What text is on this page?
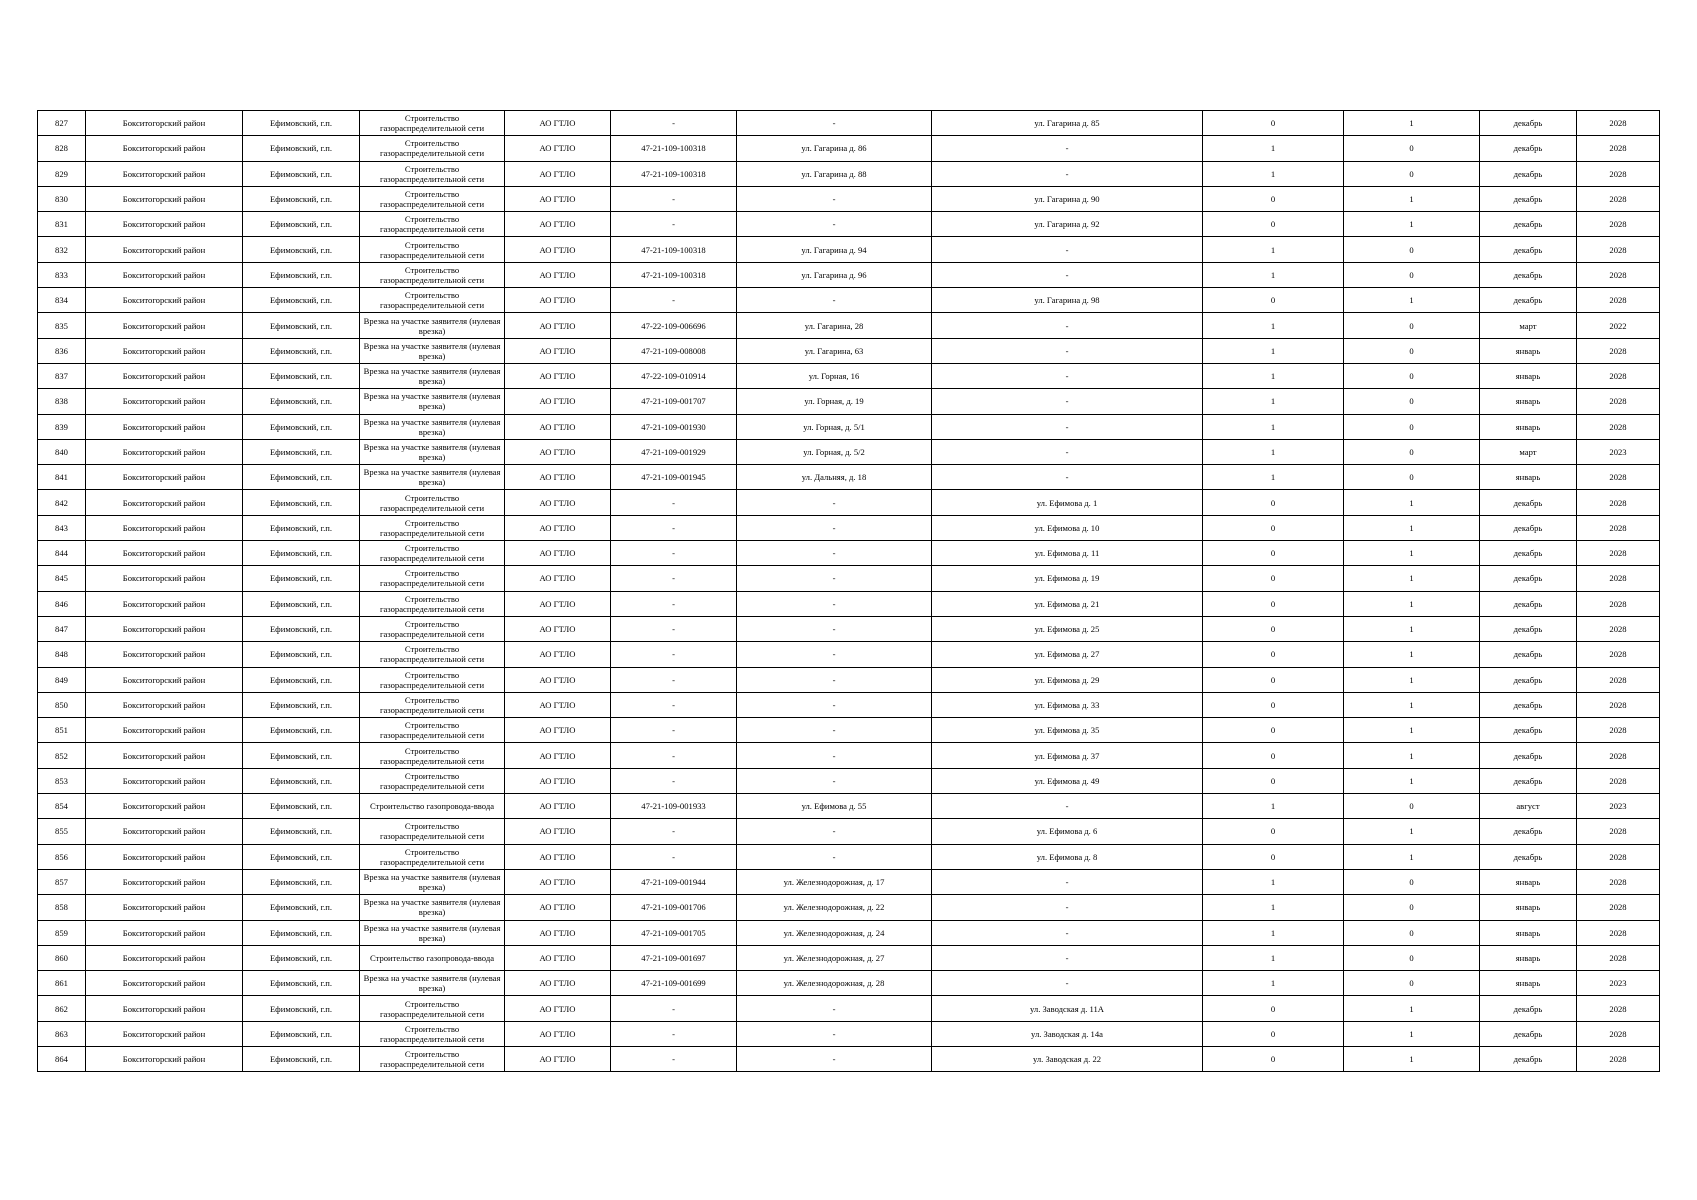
827	Бокситогорский район	Ефимовский, г.п.	Строительство газораспределительной сети	АО ГТЛО	-	-	ул. Гагарина д. 85	0	1	декабрь	2028
828	Бокситогорский район	Ефимовский, г.п.	Строительство газораспределительной сети	АО ГТЛО	47-21-109-100318	ул. Гагарина д. 86	-	1	0	декабрь	2028
829	Бокситогорский район	Ефимовский, г.п.	Строительство газораспределительной сети	АО ГТЛО	47-21-109-100318	ул. Гагарина д. 88	-	1	0	декабрь	2028
830	Бокситогорский район	Ефимовский, г.п.	Строительство газораспределительной сети	АО ГТЛО	-	-	ул. Гагарина д. 90	0	1	декабрь	2028
831	Бокситогорский район	Ефимовский, г.п.	Строительство газораспределительной сети	АО ГТЛО	-	-	ул. Гагарина д. 92	0	1	декабрь	2028
832	Бокситогорский район	Ефимовский, г.п.	Строительство газораспределительной сети	АО ГТЛО	47-21-109-100318	ул. Гагарина д. 94	-	1	0	декабрь	2028
833	Бокситогорский район	Ефимовский, г.п.	Строительство газораспределительной сети	АО ГТЛО	47-21-109-100318	ул. Гагарина д. 96	-	1	0	декабрь	2028
834	Бокситогорский район	Ефимовский, г.п.	Строительство газораспределительной сети	АО ГТЛО	-	-	ул. Гагарина д. 98	0	1	декабрь	2028
835	Бокситогорский район	Ефимовский, г.п.	Врезка на участке заявителя (нулевая врезка)	АО ГТЛО	47-22-109-006696	ул. Гагарина, 28	-	1	0	март	2022
836	Бокситогорский район	Ефимовский, г.п.	Врезка на участке заявителя (нулевая врезка)	АО ГТЛО	47-21-109-008008	ул. Гагарина, 63	-	1	0	январь	2028
837	Бокситогорский район	Ефимовский, г.п.	Врезка на участке заявителя (нулевая врезка)	АО ГТЛО	47-22-109-010914	ул. Горная, 16	-	1	0	январь	2028
838	Бокситогорский район	Ефимовский, г.п.	Врезка на участке заявителя (нулевая врезка)	АО ГТЛО	47-21-109-001707	ул. Горная, д. 19	-	1	0	январь	2028
839	Бокситогорский район	Ефимовский, г.п.	Врезка на участке заявителя (нулевая врезка)	АО ГТЛО	47-21-109-001930	ул. Горная, д. 5/1	-	1	0	январь	2028
840	Бокситогорский район	Ефимовский, г.п.	Врезка на участке заявителя (нулевая врезка)	АО ГТЛО	47-21-109-001929	ул. Горная, д. 5/2	-	1	0	март	2023
841	Бокситогорский район	Ефимовский, г.п.	Врезка на участке заявителя (нулевая врезка)	АО ГТЛО	47-21-109-001945	ул. Дальняя, д. 18	-	1	0	январь	2028
842	Бокситогорский район	Ефимовский, г.п.	Строительство газораспределительной сети	АО ГТЛО	-	-	ул. Ефимова д. 1	0	1	декабрь	2028
843	Бокситогорский район	Ефимовский, г.п.	Строительство газораспределительной сети	АО ГТЛО	-	-	ул. Ефимова д. 10	0	1	декабрь	2028
844	Бокситогорский район	Ефимовский, г.п.	Строительство газораспределительной сети	АО ГТЛО	-	-	ул. Ефимова д. 11	0	1	декабрь	2028
845	Бокситогорский район	Ефимовский, г.п.	Строительство газораспределительной сети	АО ГТЛО	-	-	ул. Ефимова д. 19	0	1	декабрь	2028
846	Бокситогорский район	Ефимовский, г.п.	Строительство газораспределительной сети	АО ГТЛО	-	-	ул. Ефимова д. 21	0	1	декабрь	2028
847	Бокситогорский район	Ефимовский, г.п.	Строительство газораспределительной сети	АО ГТЛО	-	-	ул. Ефимова д. 25	0	1	декабрь	2028
848	Бокситогорский район	Ефимовский, г.п.	Строительство газораспределительной сети	АО ГТЛО	-	-	ул. Ефимова д. 27	0	1	декабрь	2028
849	Бокситогорский район	Ефимовский, г.п.	Строительство газораспределительной сети	АО ГТЛО	-	-	ул. Ефимова д. 29	0	1	декабрь	2028
850	Бокситогорский район	Ефимовский, г.п.	Строительство газораспределительной сети	АО ГТЛО	-	-	ул. Ефимова д. 33	0	1	декабрь	2028
851	Бокситогорский район	Ефимовский, г.п.	Строительство газораспределительной сети	АО ГТЛО	-	-	ул. Ефимова д. 35	0	1	декабрь	2028
852	Бокситогорский район	Ефимовский, г.п.	Строительство газораспределительной сети	АО ГТЛО	-	-	ул. Ефимова д. 37	0	1	декабрь	2028
853	Бокситогорский район	Ефимовский, г.п.	Строительство газораспределительной сети	АО ГТЛО	-	-	ул. Ефимова д. 49	0	1	декабрь	2028
854	Бокситогорский район	Ефимовский, г.п.	Строительство газопровода-ввода	АО ГТЛО	47-21-109-001933	ул. Ефимова д. 55	-	1	0	август	2023
855	Бокситогорский район	Ефимовский, г.п.	Строительство газораспределительной сети	АО ГТЛО	-	-	ул. Ефимова д. 6	0	1	декабрь	2028
856	Бокситогорский район	Ефимовский, г.п.	Строительство газораспределительной сети	АО ГТЛО	-	-	ул. Ефимова д. 8	0	1	декабрь	2028
857	Бокситогорский район	Ефимовский, г.п.	Врезка на участке заявителя (нулевая врезка)	АО ГТЛО	47-21-109-001944	ул. Железнодорожная, д. 17	-	1	0	январь	2028
858	Бокситогорский район	Ефимовский, г.п.	Врезка на участке заявителя (нулевая врезка)	АО ГТЛО	47-21-109-001706	ул. Железнодорожная, д. 22	-	1	0	январь	2028
859	Бокситогорский район	Ефимовский, г.п.	Врезка на участке заявителя (нулевая врезка)	АО ГТЛО	47-21-109-001705	ул. Железнодорожная, д. 24	-	1	0	январь	2028
860	Бокситогорский район	Ефимовский, г.п.	Строительство газопровода-ввода	АО ГТЛО	47-21-109-001697	ул. Железнодорожная, д. 27	-	1	0	январь	2028
861	Бокситогорский район	Ефимовский, г.п.	Врезка на участке заявителя (нулевая врезка)	АО ГТЛО	47-21-109-001699	ул. Железнодорожная, д. 28	-	1	0	январь	2023
862	Бокситогорский район	Ефимовский, г.п.	Строительство газораспределительной сети	АО ГТЛО	-	-	ул. Заводская д. 11А	0	1	декабрь	2028
863	Бокситогорский район	Ефимовский, г.п.	Строительство газораспределительной сети	АО ГТЛО	-	-	ул. Заводская д. 14а	0	1	декабрь	2028
864	Бокситогорский район	Ефимовский, г.п.	Строительство газораспределительной сети	АО ГТЛО	-	-	ул. Заводская д. 22	0	1	декабрь	2028
